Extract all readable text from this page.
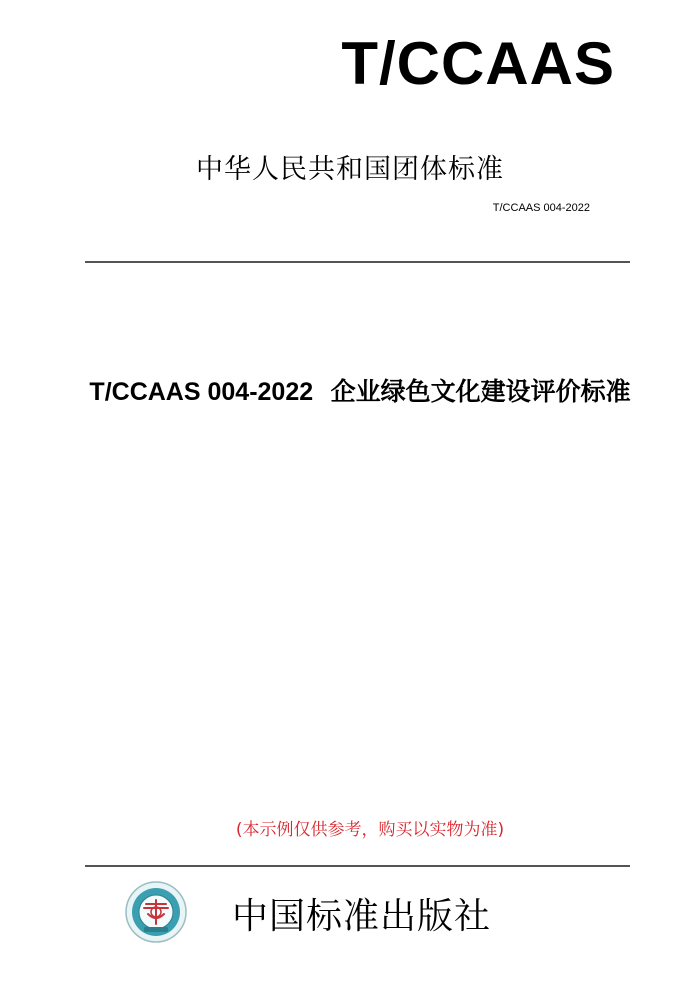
T/CCAAS
中华人民共和国团体标准
T/CCAAS 004-2022
T/CCAAS 004-2022 企业绿色文化建设评价标准
(本示例仅供参考，购买以实物为准)
中国标准出版社
